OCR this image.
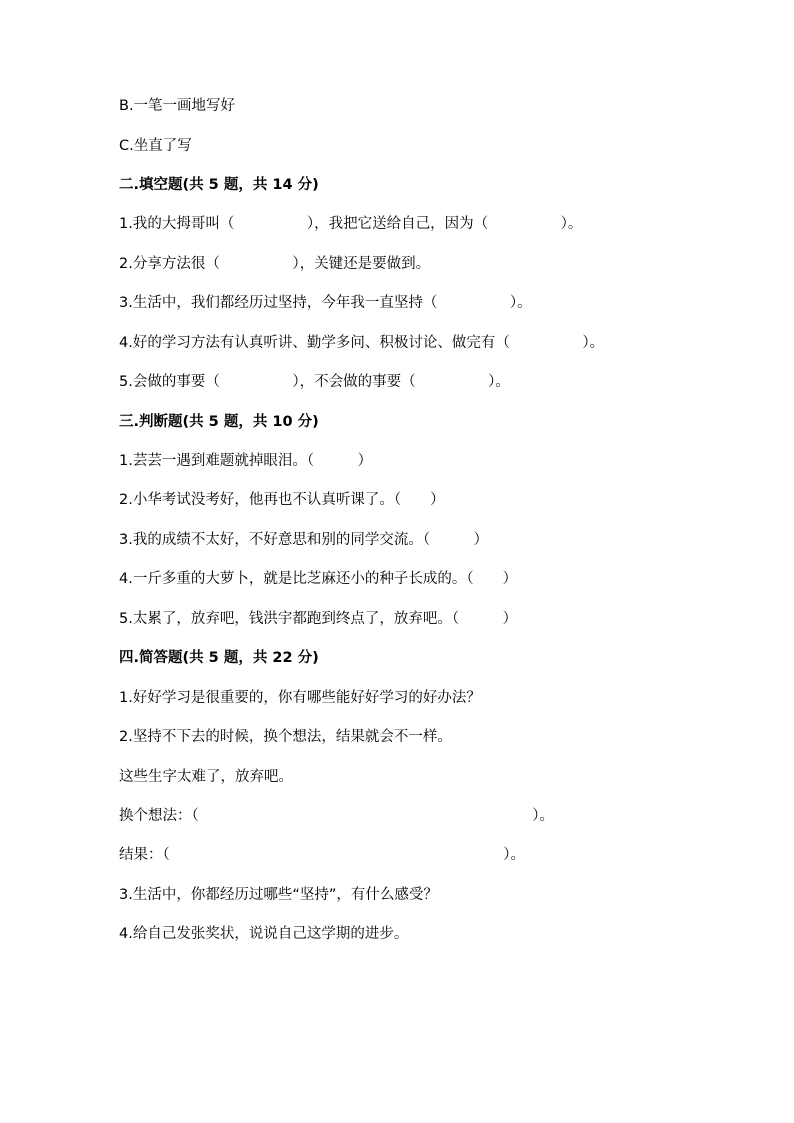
B.一笔一画地写好
C.坐直了写
二.填空题(共 5 题，共 14 分)
1.我的大拇哥叫（　　　　　），我把它送给自己，因为（　　　　　）。
2.分享方法很（　　　　　），关键还是要做到。
3.生活中，我们都经历过坚持，今年我一直坚持（　　　　　）。
4.好的学习方法有认真听讲、勤学多问、积极讨论、做完有（　　　　　）。
5.会做的事要（　　　　　），不会做的事要（　　　　　）。
三.判断题(共 5 题，共 10 分)
1.芸芸一遇到难题就掉眼泪。（　　　）
2.小华考试没考好，他再也不认真听课了。（　　）
3.我的成绩不太好，不好意思和别的同学交流。（　　　）
4.一斤多重的大萝卜，就是比芝麻还小的种子长成的。（　　）
5.太累了，放弃吧，钱洪宇都跑到终点了，放弃吧。（　　　）
四.简答题(共 5 题，共 22 分)
1.好好学习是很重要的，你有哪些能好好学习的好办法？
2.坚持不下去的时候，换个想法，结果就会不一样。
这些生字太难了，放弃吧。
换个想法：（　　　　　　　　　　　　　　　　　　　　　　　）。
结果：（　　　　　　　　　　　　　　　　　　　　　　　）。
3.生活中，你都经历过哪些“坚持”，有什么感受？
4.给自己发张奖状，说说自己这学期的进步。
